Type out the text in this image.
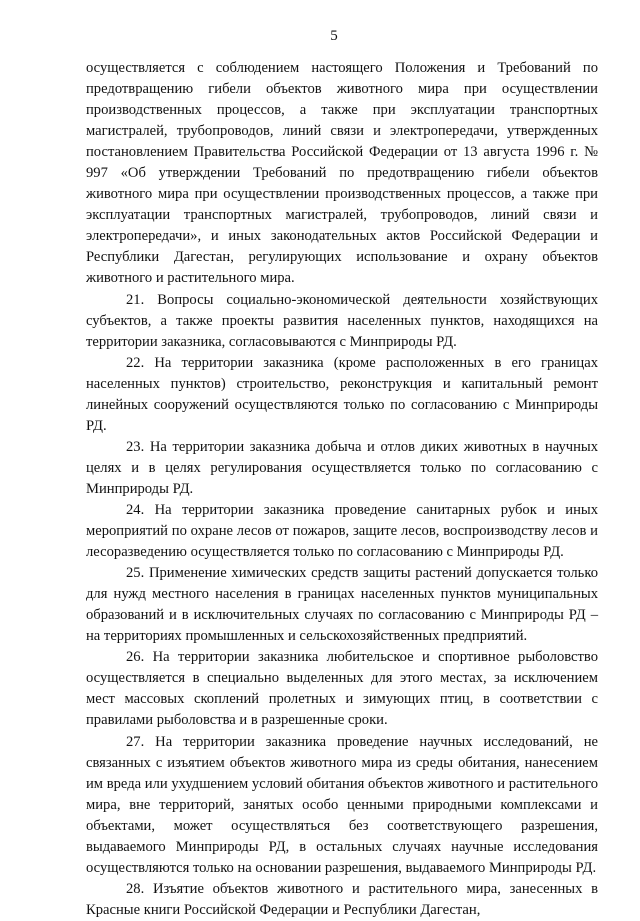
5

осуществляется с соблюдением настоящего Положения и Требований по предотвращению гибели объектов животного мира при осуществлении производственных процессов, а также при эксплуатации транспортных магистралей, трубопроводов, линий связи и электропередачи, утвержденных постановлением Правительства Российской Федерации от 13 августа 1996 г. № 997 «Об утверждении Требований по предотвращению гибели объектов животного мира при осуществлении производственных процессов, а также при эксплуатации транспортных магистралей, трубопроводов, линий связи и электропередачи», и иных законодательных актов Российской Федерации и Республики Дагестан, регулирующих использование и охрану объектов животного и растительного мира.

21. Вопросы социально-экономической деятельности хозяйствующих субъектов, а также проекты развития населенных пунктов, находящихся на территории заказника, согласовываются с Минприроды РД.

22. На территории заказника (кроме расположенных в его границах населенных пунктов) строительство, реконструкция и капитальный ремонт линейных сооружений осуществляются только по согласованию с Минприроды РД.

23. На территории заказника добыча и отлов диких животных в научных целях и в целях регулирования осуществляется только по согласованию с Минприроды РД.

24. На территории заказника проведение санитарных рубок и иных мероприятий по охране лесов от пожаров, защите лесов, воспроизводству лесов и лесоразведению осуществляется только по согласованию с Минприроды РД.

25. Применение химических средств защиты растений допускается только для нужд местного населения в границах населенных пунктов муниципальных образований и в исключительных случаях по согласованию с Минприроды РД – на территориях промышленных и сельскохозяйственных предприятий.

26. На территории заказника любительское и спортивное рыболовство осуществляется в специально выделенных для этого местах, за исключением мест массовых скоплений пролетных и зимующих птиц, в соответствии с правилами рыболовства и в разрешенные сроки.

27. На территории заказника проведение научных исследований, не связанных с изъятием объектов животного мира из среды обитания, нанесением им вреда или ухудшением условий обитания объектов животного и растительного мира, вне территорий, занятых особо ценными природными комплексами и объектами, может осуществляться без соответствующего разрешения, выдаваемого Минприроды РД, в остальных случаях научные исследования осуществляются только на основании разрешения, выдаваемого Минприроды РД.

28. Изъятие объектов животного и растительного мира, занесенных в Красные книги Российской Федерации и Республики Дагестан,
